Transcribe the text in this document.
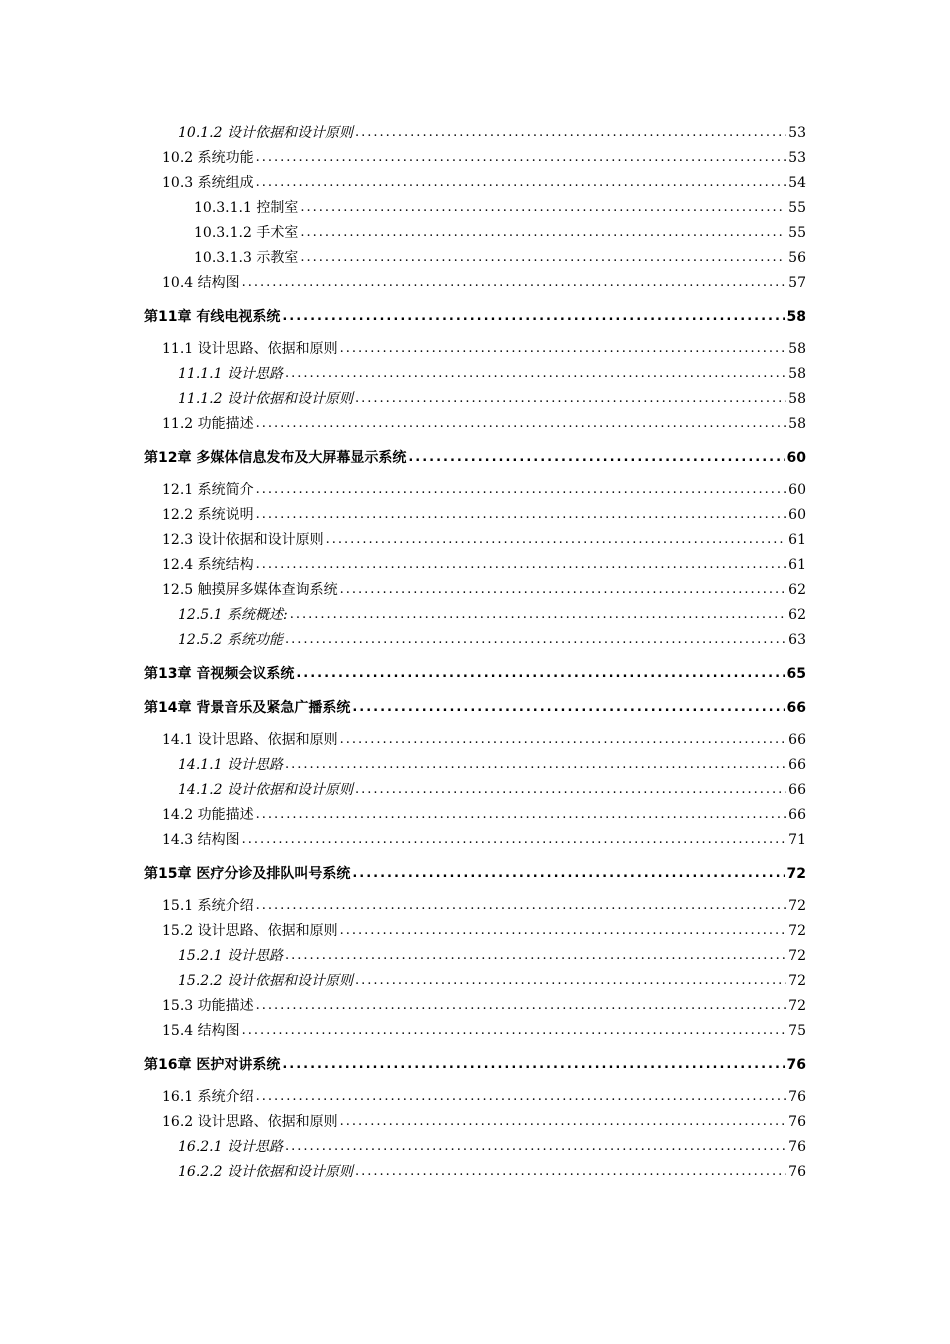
10.1.2 设计依据和设计原则 .....	53
10.2 系统功能 .....	53
10.3 系统组成 .....	54
10.3.1.1 控制室 .....	55
10.3.1.2 手术室 .....	55
10.3.1.3 示教室 .....	56
10.4 结构图 .....	57
第11章 有线电视系统 .....	58
11.1 设计思路、依据和原则 .....	58
11.1.1 设计思路 .....	58
11.1.2 设计依据和设计原则 .....	58
11.2 功能描述 .....	58
第12章 多媒体信息发布及大屏幕显示系统 .....	60
12.1 系统简介 .....	60
12.2 系统说明 .....	60
12.3 设计依据和设计原则 .....	61
12.4 系统结构 .....	61
12.5 触摸屏多媒体查询系统 .....	62
12.5.1 系统概述: .....	62
12.5.2 系统功能 .....	63
第13章 音视频会议系统 .....	65
第14章 背景音乐及紧急广播系统 .....	66
14.1 设计思路、依据和原则 .....	66
14.1.1 设计思路 .....	66
14.1.2 设计依据和设计原则 .....	66
14.2 功能描述 .....	66
14.3 结构图 .....	71
第15章 医疗分诊及排队叫号系统 .....	72
15.1 系统介绍 .....	72
15.2 设计思路、依据和原则 .....	72
15.2.1 设计思路 .....	72
15.2.2 设计依据和设计原则 .....	72
15.3 功能描述 .....	72
15.4 结构图 .....	75
第16章 医护对讲系统 .....	76
16.1 系统介绍 .....	76
16.2 设计思路、依据和原则 .....	76
16.2.1 设计思路 .....	76
16.2.2 设计依据和设计原则 .....	76
